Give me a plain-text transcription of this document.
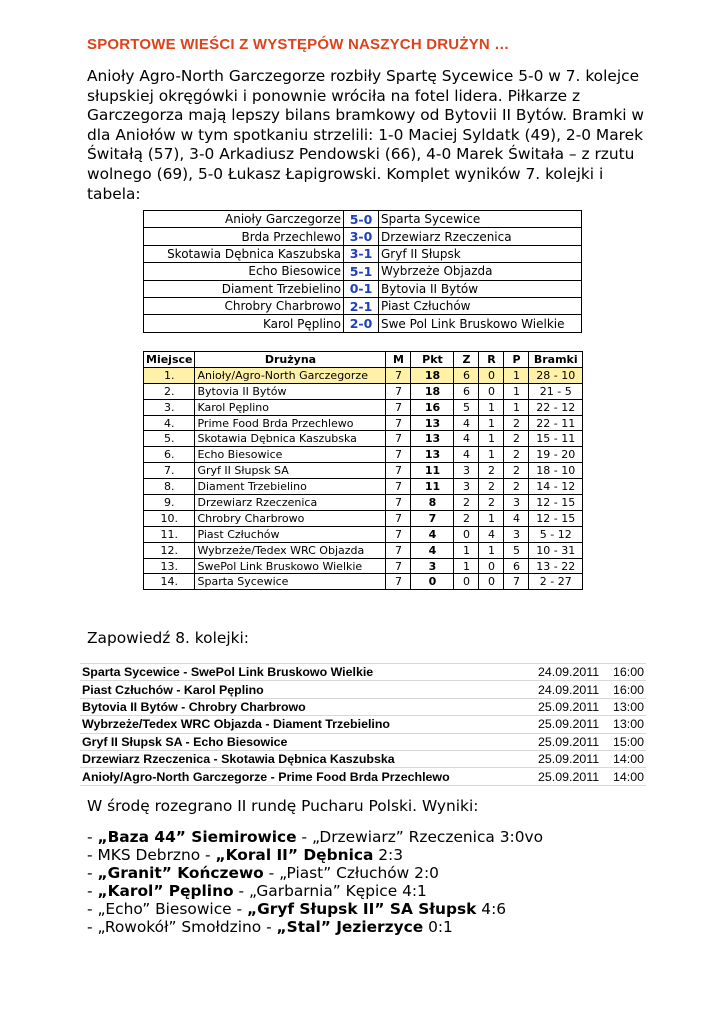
SPORTOWE WIEŚCI Z WYSTĘPÓW NASZYCH DRUŻYN …
Anioły Agro-North Garczegorze rozbiły Spartę Sycewice 5-0 w 7. kolejce słupskiej okręgówki i ponownie wróciła na fotel lidera. Piłkarze z Garczegorza mają lepszy bilans bramkowy od Bytovii II Bytów. Bramki w dla Aniołów w tym spotkaniu strzelili: 1-0 Maciej Syldatk (49), 2-0 Marek Świtałą (57), 3-0 Arkadiusz Pendowski (66), 4-0 Marek Świtała – z rzutu wolnego (69), 5-0 Łukasz Łapigrowski. Komplet wyników 7. kolejki i tabela:
Anioły Garczegorze	5-0	Sparta Sycewice
Brda Przechlewo	3-0	Drzewiarz Rzeczenica
Skotawia Dębnica Kaszubska	3-1	Gryf II Słupsk
Echo Biesowice	5-1	Wybrzeże Objazda
Diament Trzebielino	0-1	Bytovia II Bytów
Chrobry Charbrowo	2-1	Piast Człuchów
Karol Pęplino	2-0	Swe Pol Link Bruskowo Wielkie
Miejsce	Drużyna	M	Pkt	Z	R	P	Bramki
1.	Anioły/Agro-North Garczegorze	7	18	6	0	1	28 - 10
2.	Bytovia II Bytów	7	18	6	0	1	21 - 5
3.	Karol Pęplino	7	16	5	1	1	22 - 12
4.	Prime Food Brda Przechlewo	7	13	4	1	2	22 - 11
5.	Skotawia Dębnica Kaszubska	7	13	4	1	2	15 - 11
6.	Echo Biesowice	7	13	4	1	2	19 - 20
7.	Gryf II Słupsk SA	7	11	3	2	2	18 - 10
8.	Diament Trzebielino	7	11	3	2	2	14 - 12
9.	Drzewiarz Rzeczenica	7	8	2	2	3	12 - 15
10.	Chrobry Charbrowo	7	7	2	1	4	12 - 15
11.	Piast Człuchów	7	4	0	4	3	5 - 12
12.	Wybrzeże/Tedex WRC Objazda	7	4	1	1	5	10 - 31
13.	SwePol Link Bruskowo Wielkie	7	3	1	0	6	13 - 22
14.	Sparta Sycewice	7	0	0	0	7	2 - 27
Zapowiedź 8. kolejki:
Sparta Sycewice - SwePol Link Bruskowo Wielkie	24.09.2011	16:00
Piast Człuchów - Karol Pęplino	24.09.2011	16:00
Bytovia II Bytów - Chrobry Charbrowo	25.09.2011	13:00
Wybrzeże/Tedex WRC Objazda - Diament Trzebielino	25.09.2011	13:00
Gryf II Słupsk SA - Echo Biesowice	25.09.2011	15:00
Drzewiarz Rzeczenica - Skotawia Dębnica Kaszubska	25.09.2011	14:00
Anioły/Agro-North Garczegorze - Prime Food Brda Przechlewo	25.09.2011	14:00
W środę rozegrano II rundę Pucharu Polski. Wyniki:
- „Baza 44” Siemirowice - „Drzewiarz” Rzeczenica 3:0vo
- MKS Debrzno - „Koral II” Dębnica 2:3
- „Granit” Kończewo - „Piast” Człuchów 2:0
- „Karol” Pęplino - „Garbarnia” Kępice 4:1
- „Echo” Biesowice - „Gryf Słupsk II” SA Słupsk 4:6
- „Rowokół” Smołdzino - „Stal” Jezierzyce 0:1
